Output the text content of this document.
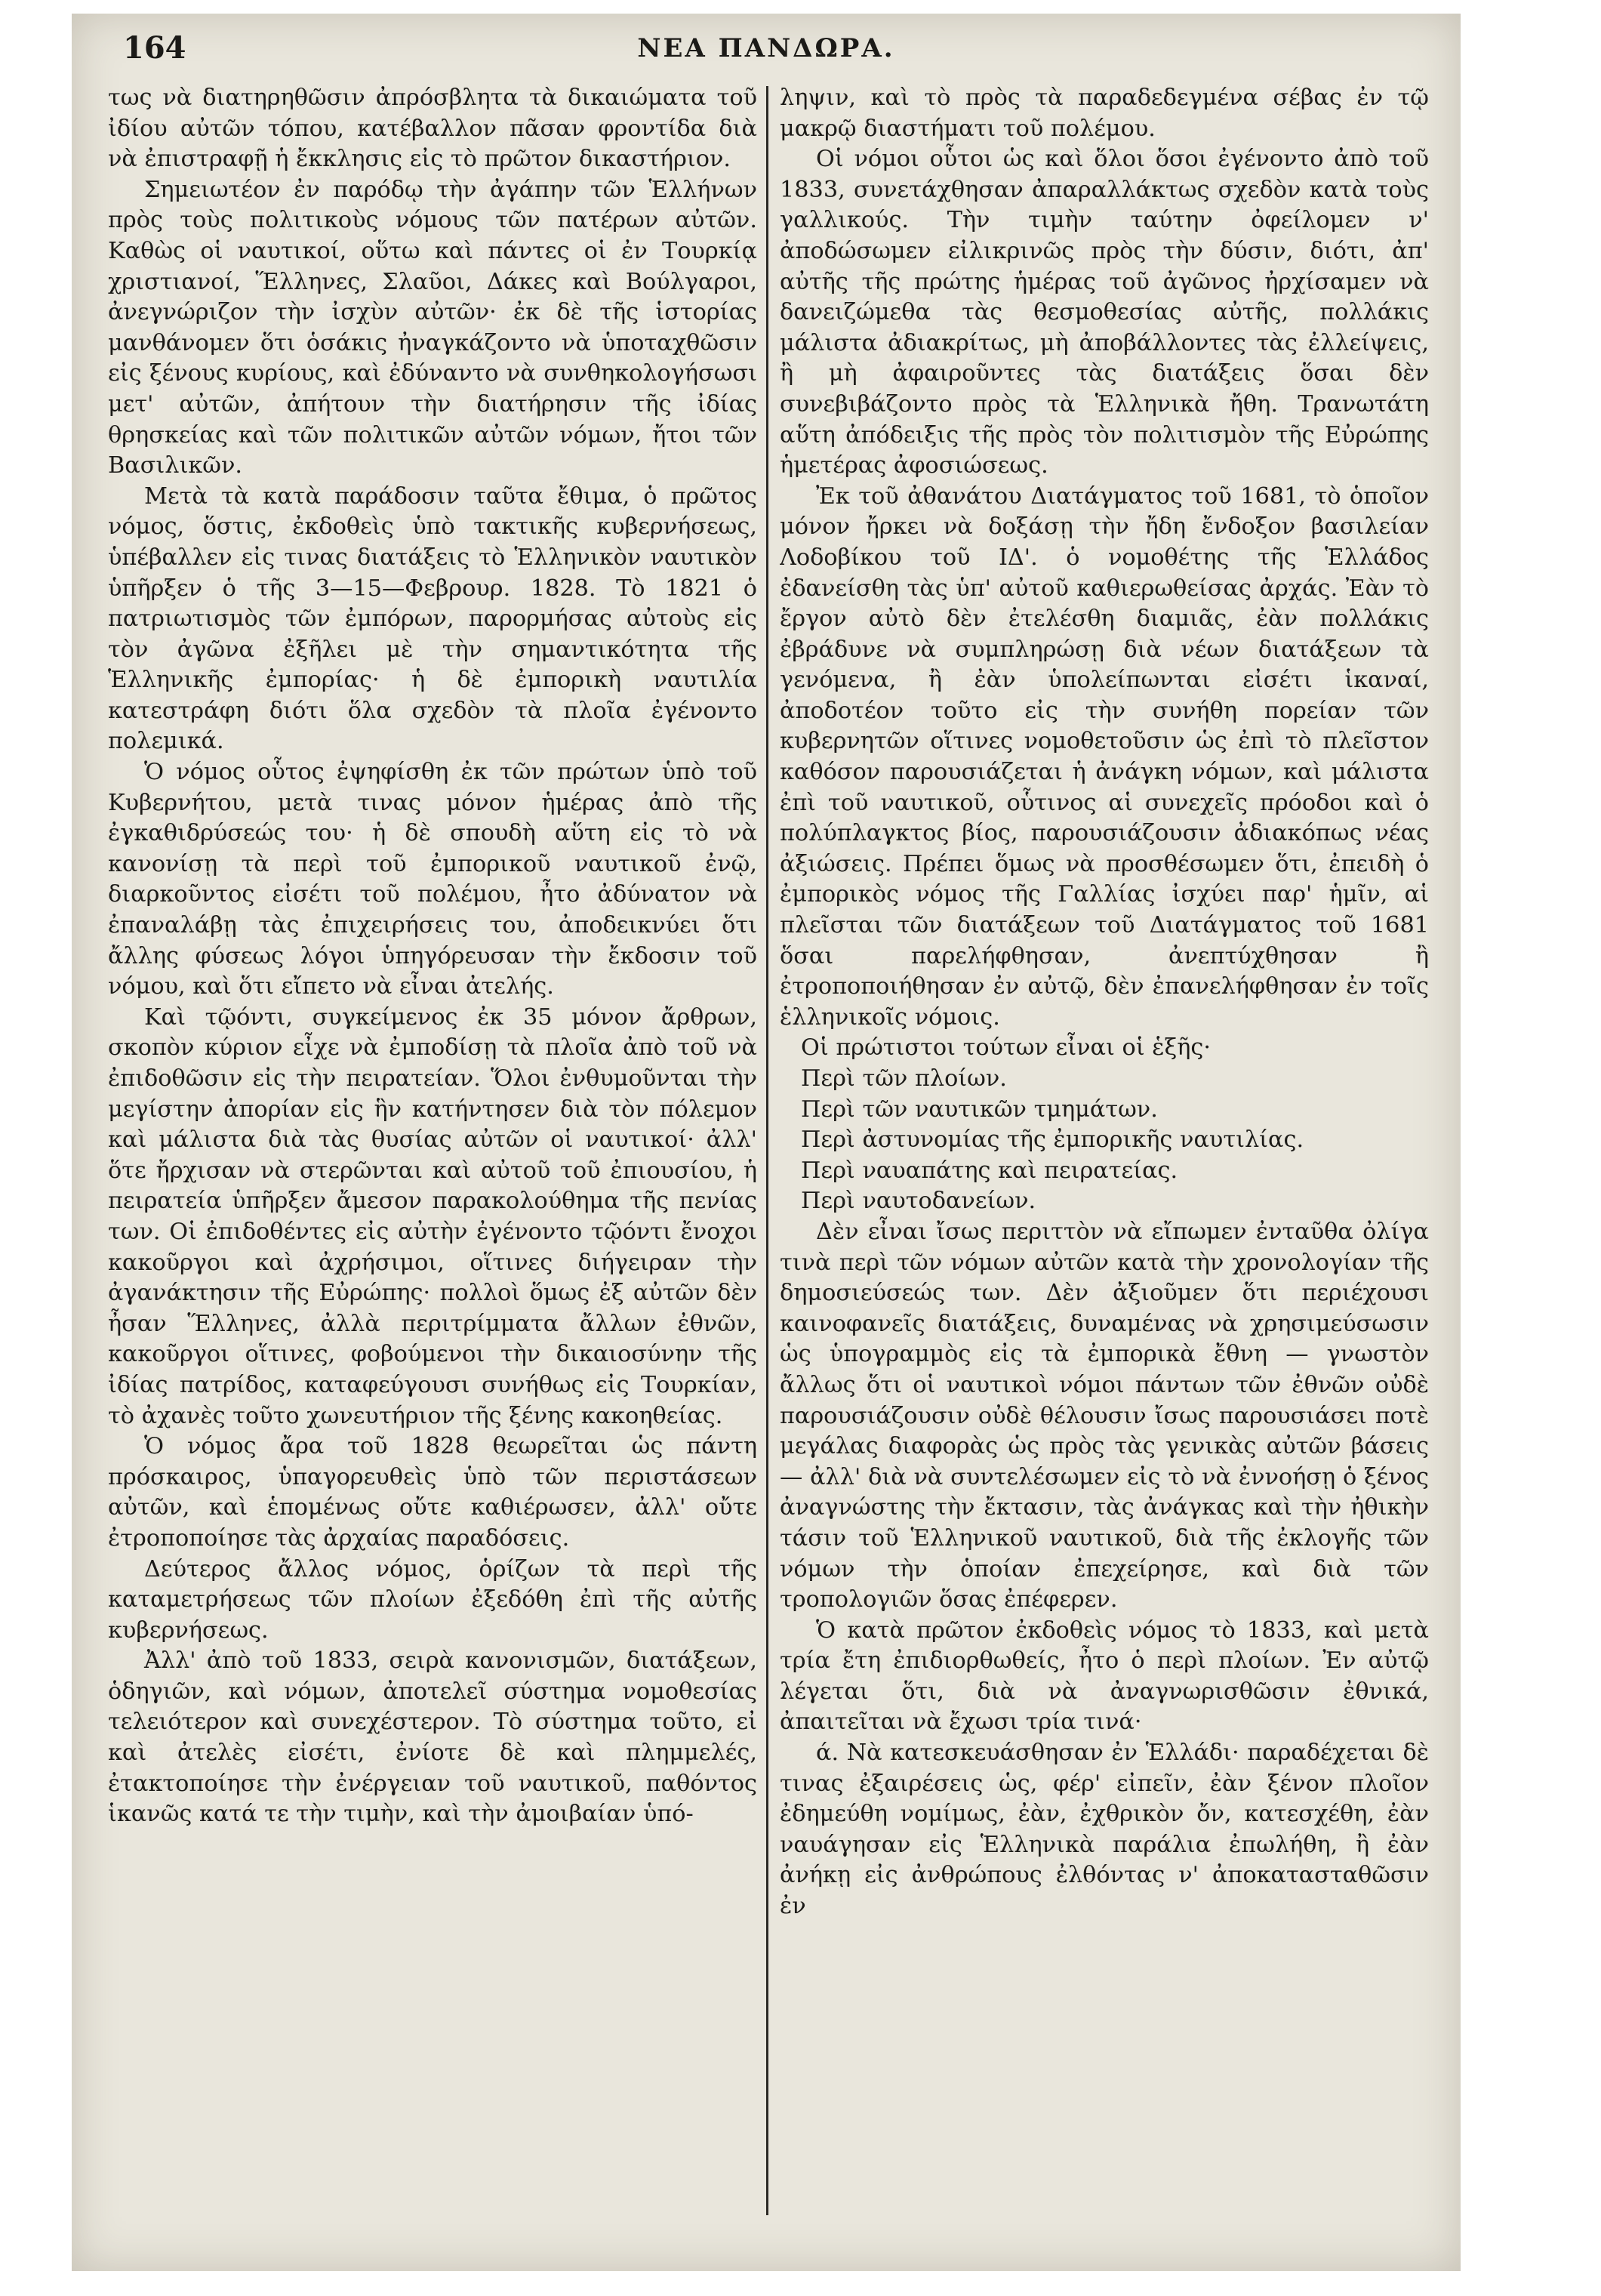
164	ΝΕΑ ΠΑΝΔΩΡΑ.

τως νὰ διατηρηθῶσιν ἀπρόσβλητα τὰ δικαιώματα τοῦ ἰδίου αὐτῶν τόπου, κατέβαλλον πᾶσαν φροντίδα διὰ νὰ ἐπιστραφῇ ἡ ἔκκλησις εἰς τὸ πρῶτον δικαστήριον.

Σημειωτέον ἐν παρόδῳ τὴν ἀγάπην τῶν Ἑλλήνων πρὸς τοὺς πολιτικοὺς νόμους τῶν πατέρων αὐτῶν. Καθὼς οἱ ναυτικοί, οὕτω καὶ πάντες οἱ ἐν Τουρκίᾳ χριστιανοί, Ἕλληνες, Σλαῦοι, Δάκες καὶ Βούλγαροι, ἀνεγνώριζον τὴν ἰσχὺν αὐτῶν· ἐκ δὲ τῆς ἱστορίας μανθάνομεν ὅτι ὁσάκις ἠναγκάζοντο νὰ ὑποταχθῶσιν εἰς ξένους κυρίους, καὶ ἐδύναντο νὰ συνθηκολογήσωσι μετ' αὐτῶν, ἀπήτουν τὴν διατήρησιν τῆς ἰδίας θρησκείας καὶ τῶν πολιτικῶν αὐτῶν νόμων, ἤτοι τῶν Βασιλικῶν.

Μετὰ τὰ κατὰ παράδοσιν ταῦτα ἔθιμα, ὁ πρῶτος νόμος, ὅστις, ἐκδοθεὶς ὑπὸ τακτικῆς κυβερνήσεως, ὑπέβαλλεν εἰς τινας διατάξεις τὸ Ἑλληνικὸν ναυτικὸν ὑπῆρξεν ὁ τῆς 3—15—Φεβρουρ. 1828. Τὸ 1821 ὁ πατριωτισμὸς τῶν ἐμπόρων, παρορμήσας αὐτοὺς εἰς τὸν ἀγῶνα ἐξῆλει μὲ τὴν σημαντικότητα τῆς Ἑλληνικῆς ἐμπορίας· ἡ δὲ ἐμπορικὴ ναυτιλία κατεστράφη διότι ὅλα σχεδὸν τὰ πλοῖα ἐγένοντο πολεμικά.

Ὁ νόμος οὗτος ἐψηφίσθη ἐκ τῶν πρώτων ὑπὸ τοῦ Κυβερνήτου, μετὰ τινας μόνον ἡμέρας ἀπὸ τῆς ἐγκαθιδρύσεώς του· ἡ δὲ σπουδὴ αὕτη εἰς τὸ νὰ κανονίσῃ τὰ περὶ τοῦ ἐμπορικοῦ ναυτικοῦ ἐνῷ, διαρκοῦντος εἰσέτι τοῦ πολέμου, ἦτο ἀδύνατον νὰ ἐπαναλάβῃ τὰς ἐπιχειρήσεις του, ἀποδεικνύει ὅτι ἄλλης φύσεως λόγοι ὑπηγόρευσαν τὴν ἔκδοσιν τοῦ νόμου, καὶ ὅτι εἴπετο νὰ εἶναι ἀτελής.

Καὶ τῷόντι, συγκείμενος ἐκ 35 μόνον ἄρθρων, σκοπὸν κύριον εἶχε νὰ ἐμποδίσῃ τὰ πλοῖα ἀπὸ τοῦ νὰ ἐπιδοθῶσιν εἰς τὴν πειρατείαν. Ὅλοι ἐνθυμοῦνται τὴν μεγίστην ἀπορίαν εἰς ἣν κατήντησεν διὰ τὸν πόλεμον καὶ μάλιστα διὰ τὰς θυσίας αὐτῶν οἱ ναυτικοί· ἀλλ' ὅτε ἤρχισαν νὰ στερῶνται καὶ αὐτοῦ τοῦ ἐπιουσίου, ἡ πειρατεία ὑπῆρξεν ἄμεσον παρακολούθημα τῆς πενίας των. Οἱ ἐπιδοθέντες εἰς αὐτὴν ἐγένοντο τῷόντι ἔνοχοι κακοῦργοι καὶ ἀχρήσιμοι, οἵτινες διήγειραν τὴν ἀγανάκτησιν τῆς Εὐρώπης· πολλοὶ ὅμως ἐξ αὐτῶν δὲν ἦσαν Ἕλληνες, ἀλλὰ περιτρίμματα ἄλλων ἐθνῶν, κακοῦργοι οἵτινες, φοβούμενοι τὴν δικαιοσύνην τῆς ἰδίας πατρίδος, καταφεύγουσι συνήθως εἰς Τουρκίαν, τὸ ἀχανὲς τοῦτο χωνευτήριον τῆς ξένης κακοηθείας.

Ὁ νόμος ἄρα τοῦ 1828 θεωρεῖται ὡς πάντη πρόσκαιρος, ὑπαγορευθεὶς ὑπὸ τῶν περιστάσεων αὐτῶν, καὶ ἑπομένως οὔτε καθιέρωσεν, ἀλλ' οὔτε ἐτροποποίησε τὰς ἀρχαίας παραδόσεις.

Δεύτερος ἄλλος νόμος, ὁρίζων τὰ περὶ τῆς καταμετρήσεως τῶν πλοίων ἐξεδόθη ἐπὶ τῆς αὐτῆς κυβερνήσεως.

Ἀλλ' ἀπὸ τοῦ 1833, σειρὰ κανονισμῶν, διατάξεων, ὁδηγιῶν, καὶ νόμων, ἀποτελεῖ σύστημα νομοθεσίας τελειότερον καὶ συνεχέστερον. Τὸ σύστημα τοῦτο, εἰ καὶ ἀτελὲς εἰσέτι, ἐνίοτε δὲ καὶ πλημμελές, ἐτακτοποίησε τὴν ἐνέργειαν τοῦ ναυτικοῦ, παθόντος ἱκανῶς κατά τε τὴν τιμὴν, καὶ τὴν ἀμοιβαίαν ὑπό-

ληψιν, καὶ τὸ πρὸς τὰ παραδεδεγμένα σέβας ἐν τῷ μακρῷ διαστήματι τοῦ πολέμου.

Οἱ νόμοι οὗτοι ὡς καὶ ὅλοι ὅσοι ἐγένοντο ἀπὸ τοῦ 1833, συνετάχθησαν ἀπαραλλάκτως σχεδὸν κατὰ τοὺς γαλλικούς. Τὴν τιμὴν ταύτην ὀφείλομεν ν' ἀποδώσωμεν εἰλικρινῶς πρὸς τὴν δύσιν, διότι, ἀπ' αὐτῆς τῆς πρώτης ἡμέρας τοῦ ἀγῶνος ἠρχίσαμεν νὰ δανειζώμεθα τὰς θεσμοθεσίας αὐτῆς, πολλάκις μάλιστα ἀδιακρίτως, μὴ ἀποβάλλοντες τὰς ἐλλείψεις, ἢ μὴ ἀφαιροῦντες τὰς διατάξεις ὅσαι δὲν συνεβιβάζοντο πρὸς τὰ Ἑλληνικὰ ἤθη. Τρανωτάτη αὕτη ἀπόδειξις τῆς πρὸς τὸν πολιτισμὸν τῆς Εὐρώπης ἡμετέρας ἀφοσιώσεως.

Ἐκ τοῦ ἀθανάτου Διατάγματος τοῦ 1681, τὸ ὁποῖον μόνον ἤρκει νὰ δοξάσῃ τὴν ἤδη ἔνδοξον βασιλείαν Λοδοβίκου τοῦ ΙΔ'. ὁ νομοθέτης τῆς Ἑλλάδος ἐδανείσθη τὰς ὑπ' αὐτοῦ καθιερωθείσας ἀρχάς. Ἐὰν τὸ ἔργον αὐτὸ δὲν ἐτελέσθη διαμιᾶς, ἐὰν πολλάκις ἐβράδυνε νὰ συμπληρώσῃ διὰ νέων διατάξεων τὰ γενόμενα, ἢ ἐὰν ὑπολείπωνται εἰσέτι ἱκαναί, ἀποδοτέον τοῦτο εἰς τὴν συνήθη πορείαν τῶν κυβερνητῶν οἵτινες νομοθετοῦσιν ὡς ἐπὶ τὸ πλεῖστον καθόσον παρουσιάζεται ἡ ἀνάγκη νόμων, καὶ μάλιστα ἐπὶ τοῦ ναυτικοῦ, οὗτινος αἱ συνεχεῖς πρόοδοι καὶ ὁ πολύπλαγκτος βίος, παρουσιάζουσιν ἀδιακόπως νέας ἀξιώσεις. Πρέπει ὅμως νὰ προσθέσωμεν ὅτι, ἐπειδὴ ὁ ἐμπορικὸς νόμος τῆς Γαλλίας ἰσχύει παρ' ἡμῖν, αἱ πλεῖσται τῶν διατάξεων τοῦ Διατάγματος τοῦ 1681 ὅσαι παρελήφθησαν, ἀνεπτύχθησαν ἢ ἐτροποποιήθησαν ἐν αὐτῷ, δὲν ἐπανελήφθησαν ἐν τοῖς ἑλληνικοῖς νόμοις.

Οἱ πρώτιστοι τούτων εἶναι οἱ ἑξῆς·

Περὶ τῶν πλοίων.

Περὶ τῶν ναυτικῶν τμημάτων.

Περὶ ἀστυνομίας τῆς ἐμπορικῆς ναυτιλίας.

Περὶ ναυαπάτης καὶ πειρατείας.

Περὶ ναυτοδανείων.

Δὲν εἶναι ἴσως περιττὸν νὰ εἴπωμεν ἐνταῦθα ὀλίγα τινὰ περὶ τῶν νόμων αὐτῶν κατὰ τὴν χρονολογίαν τῆς δημοσιεύσεώς των. Δὲν ἀξιοῦμεν ὅτι περιέχουσι καινοφανεῖς διατάξεις, δυναμένας νὰ χρησιμεύσωσιν ὡς ὑπογραμμὸς εἰς τὰ ἐμπορικὰ ἔθνη — γνωστὸν ἄλλως ὅτι οἱ ναυτικοὶ νόμοι πάντων τῶν ἐθνῶν οὐδὲ παρουσιάζουσιν οὐδὲ θέλουσιν ἴσως παρουσιάσει ποτὲ μεγάλας διαφορὰς ὡς πρὸς τὰς γενικὰς αὐτῶν βάσεις — ἀλλ' διὰ νὰ συντελέσωμεν εἰς τὸ νὰ ἐννοήσῃ ὁ ξένος ἀναγνώστης τὴν ἔκτασιν, τὰς ἀνάγκας καὶ τὴν ἠθικὴν τάσιν τοῦ Ἑλληνικοῦ ναυτικοῦ, διὰ τῆς ἐκλογῆς τῶν νόμων τὴν ὁποίαν ἐπεχείρησε, καὶ διὰ τῶν τροπολογιῶν ὅσας ἐπέφερεν.

Ὁ κατὰ πρῶτον ἐκδοθεὶς νόμος τὸ 1833, καὶ μετὰ τρία ἔτη ἐπιδιορθωθείς, ἦτο ὁ περὶ πλοίων. Ἐν αὐτῷ λέγεται ὅτι, διὰ νὰ ἀναγνωρισθῶσιν ἐθνικά, ἀπαιτεῖται νὰ ἔχωσι τρία τινά·

ά. Νὰ κατεσκευάσθησαν ἐν Ἑλλάδι· παραδέχεται δὲ τινας ἐξαιρέσεις ὡς, φέρ' εἰπεῖν, ἐὰν ξένον πλοῖον ἐδημεύθη νομίμως, ἐὰν, ἐχθρικὸν ὄν, κατεσχέθη, ἐὰν ναυάγησαν εἰς Ἑλληνικὰ παράλια ἐπωλήθη, ἢ ἐὰν ἀνήκῃ εἰς ἀνθρώπους ἐλθόντας ν' ἀποκατασταθῶσιν ἐν
